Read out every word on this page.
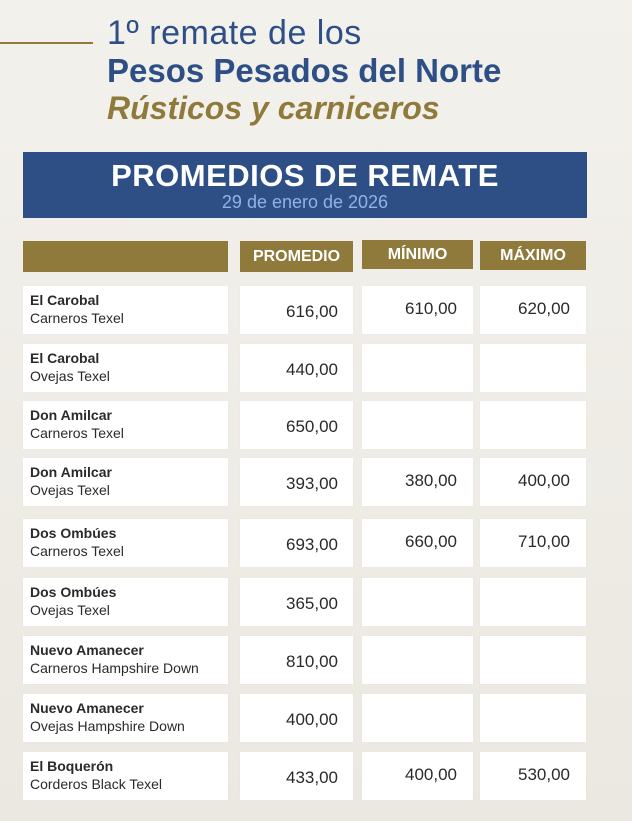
1º remate de los
Pesos Pesados del Norte
Rústicos y carniceros
PROMEDIOS DE REMATE
29 de enero de 2026
PROMEDIO	MÍNIMO	MÁXIMO
El Carobal
Carneros Texel	616,00	610,00	620,00
El Carobal
Ovejas Texel	440,00
Don Amilcar
Carneros Texel	650,00
Don Amilcar
Ovejas Texel	393,00	380,00	400,00
Dos Ombúes
Carneros Texel	693,00	660,00	710,00
Dos Ombúes
Ovejas Texel	365,00
Nuevo Amanecer
Carneros Hampshire Down	810,00
Nuevo Amanecer
Ovejas Hampshire Down	400,00
El Boquerón
Corderos Black Texel	433,00	400,00	530,00
